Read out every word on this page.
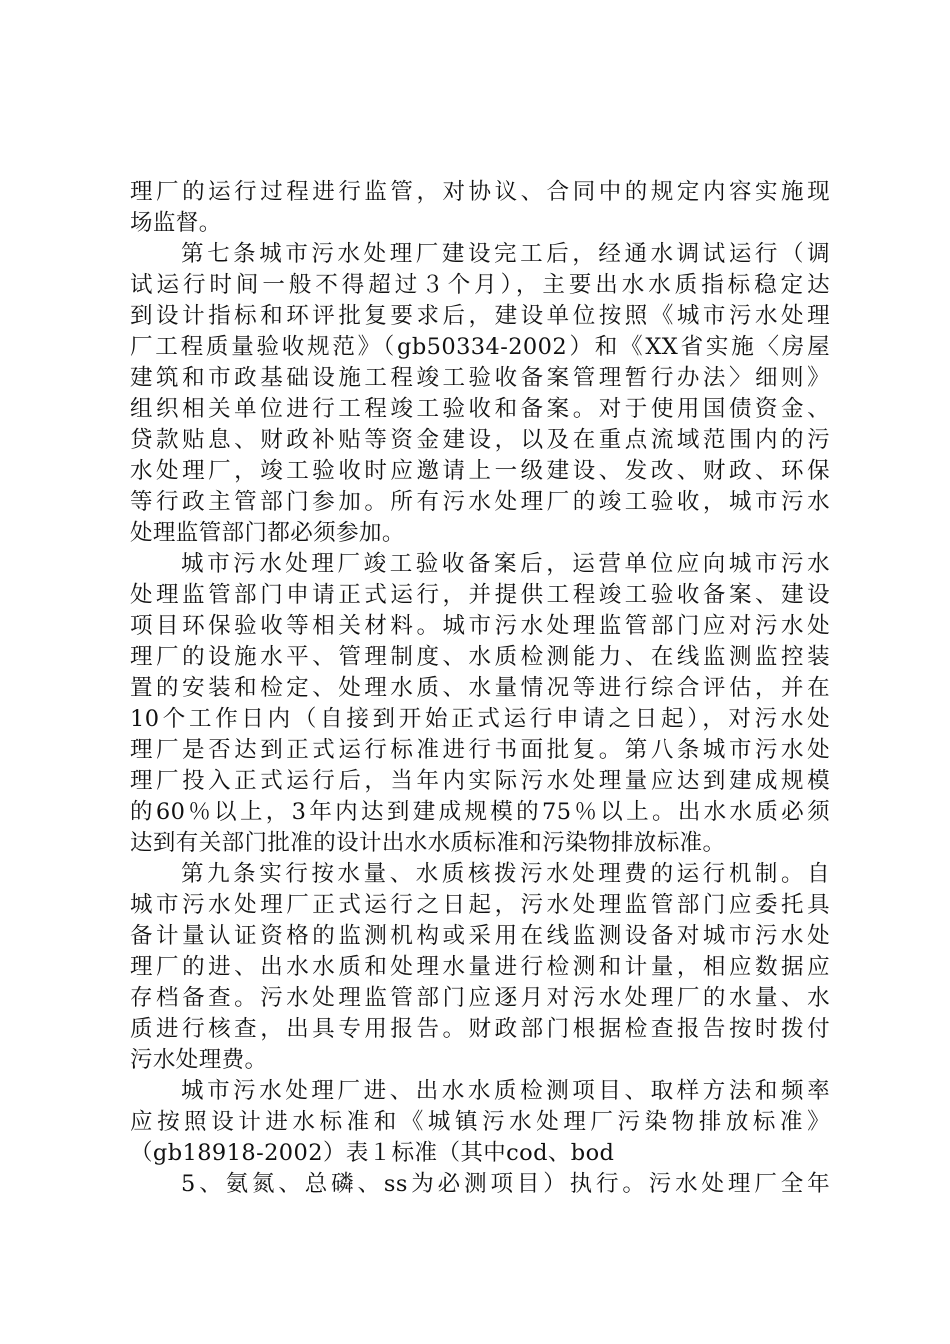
理厂的运行过程进行监管，对协议、合同中的规定内容实施现
场监督。
第七条城市污水处理厂建设完工后，经通水调试运行（调
试运行时间一般不得超过３个月），主要出水水质指标稳定达
到设计指标和环评批复要求后，建设单位按照《城市污水处理
厂工程质量验收规范》（gb50334-2002）和《XX省实施〈房屋
建筑和市政基础设施工程竣工验收备案管理暂行办法〉细则》
组织相关单位进行工程竣工验收和备案。对于使用国债资金、
贷款贴息、财政补贴等资金建设，以及在重点流域范围内的污
水处理厂，竣工验收时应邀请上一级建设、发改、财政、环保
等行政主管部门参加。所有污水处理厂的竣工验收，城市污水
处理监管部门都必须参加。
城市污水处理厂竣工验收备案后，运营单位应向城市污水
处理监管部门申请正式运行，并提供工程竣工验收备案、建设
项目环保验收等相关材料。城市污水处理监管部门应对污水处
理厂的设施水平、管理制度、水质检测能力、在线监测监控装
置的安装和检定、处理水质、水量情况等进行综合评估，并在
10个工作日内（自接到开始正式运行申请之日起），对污水处
理厂是否达到正式运行标准进行书面批复。第八条城市污水处
理厂投入正式运行后，当年内实际污水处理量应达到建成规模
的60％以上，3年内达到建成规模的75％以上。出水水质必须
达到有关部门批准的设计出水水质标准和污染物排放标准。
第九条实行按水量、水质核拨污水处理费的运行机制。自
城市污水处理厂正式运行之日起，污水处理监管部门应委托具
备计量认证资格的监测机构或采用在线监测设备对城市污水处
理厂的进、出水水质和处理水量进行检测和计量，相应数据应
存档备查。污水处理监管部门应逐月对污水处理厂的水量、水
质进行核查，出具专用报告。财政部门根据检查报告按时拨付
污水处理费。
城市污水处理厂进、出水水质检测项目、取样方法和频率
应按照设计进水标准和《城镇污水处理厂污染物排放标准》
（gb18918-2002）表１标准（其中cod、bod
5、氨氮、总磷、ss为必测项目）执行。污水处理厂全年
